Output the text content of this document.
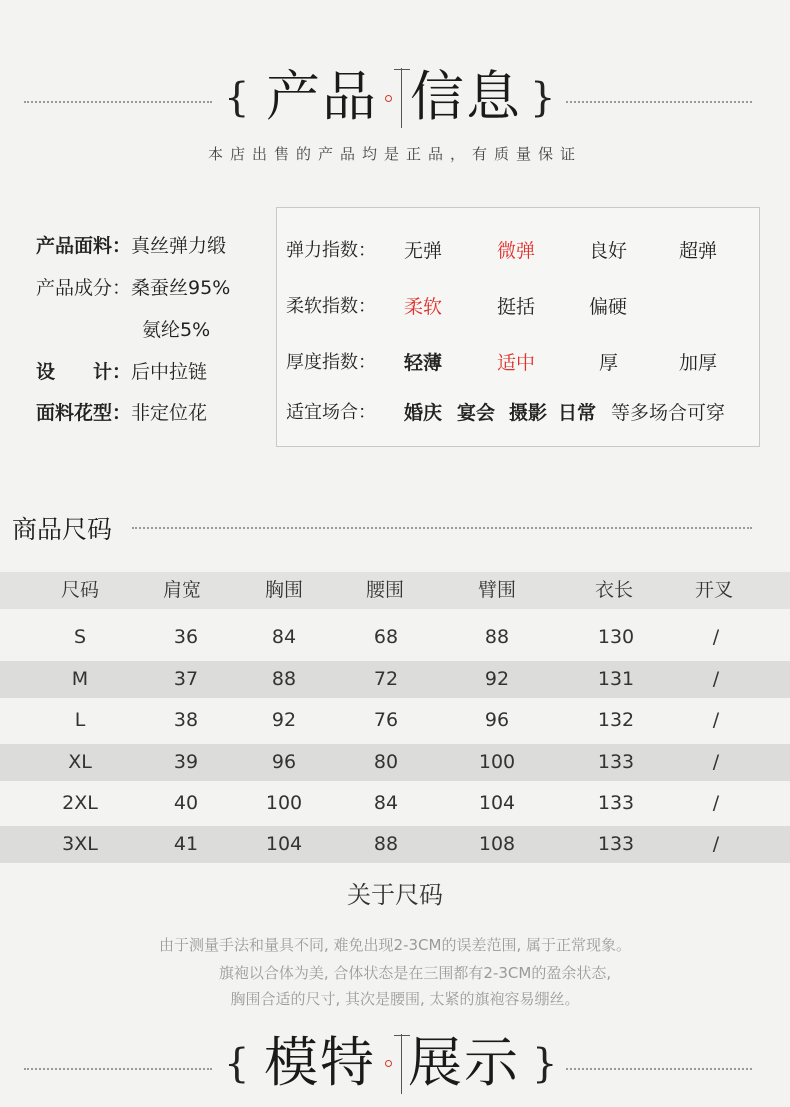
{ 产品 信息 }
本店出售的产品均是正品，有质量保证
产品面料：真丝弹力缎
产品成分：桑蚕丝95%
氨纶5%
设　　计：后中拉链
面料花型：非定位花
弹力指数： 无弹	微弹	良好	超弹
柔软指数： 柔软	挺括	偏硬
厚度指数： 轻薄	适中	厚	加厚
适宜场合： 婚庆 宴会 摄影 日常 等多场合可穿
商品尺码
尺码	肩宽	胸围	腰围	臂围	衣长	开叉
S	36	84	68	88	130	/
M	37	88	72	92	131	/
L	38	92	76	96	132	/
XL	39	96	80	100	133	/
2XL	40	100	84	104	133	/
3XL	41	104	88	108	133	/
关于尺码
由于测量手法和量具不同, 难免出现2-3CM的误差范围, 属于正常现象。
旗袍以合体为美, 合体状态是在三围都有2-3CM的盈余状态,
胸围合适的尺寸, 其次是腰围, 太紧的旗袍容易绷丝。
{ 模特 展示 }
